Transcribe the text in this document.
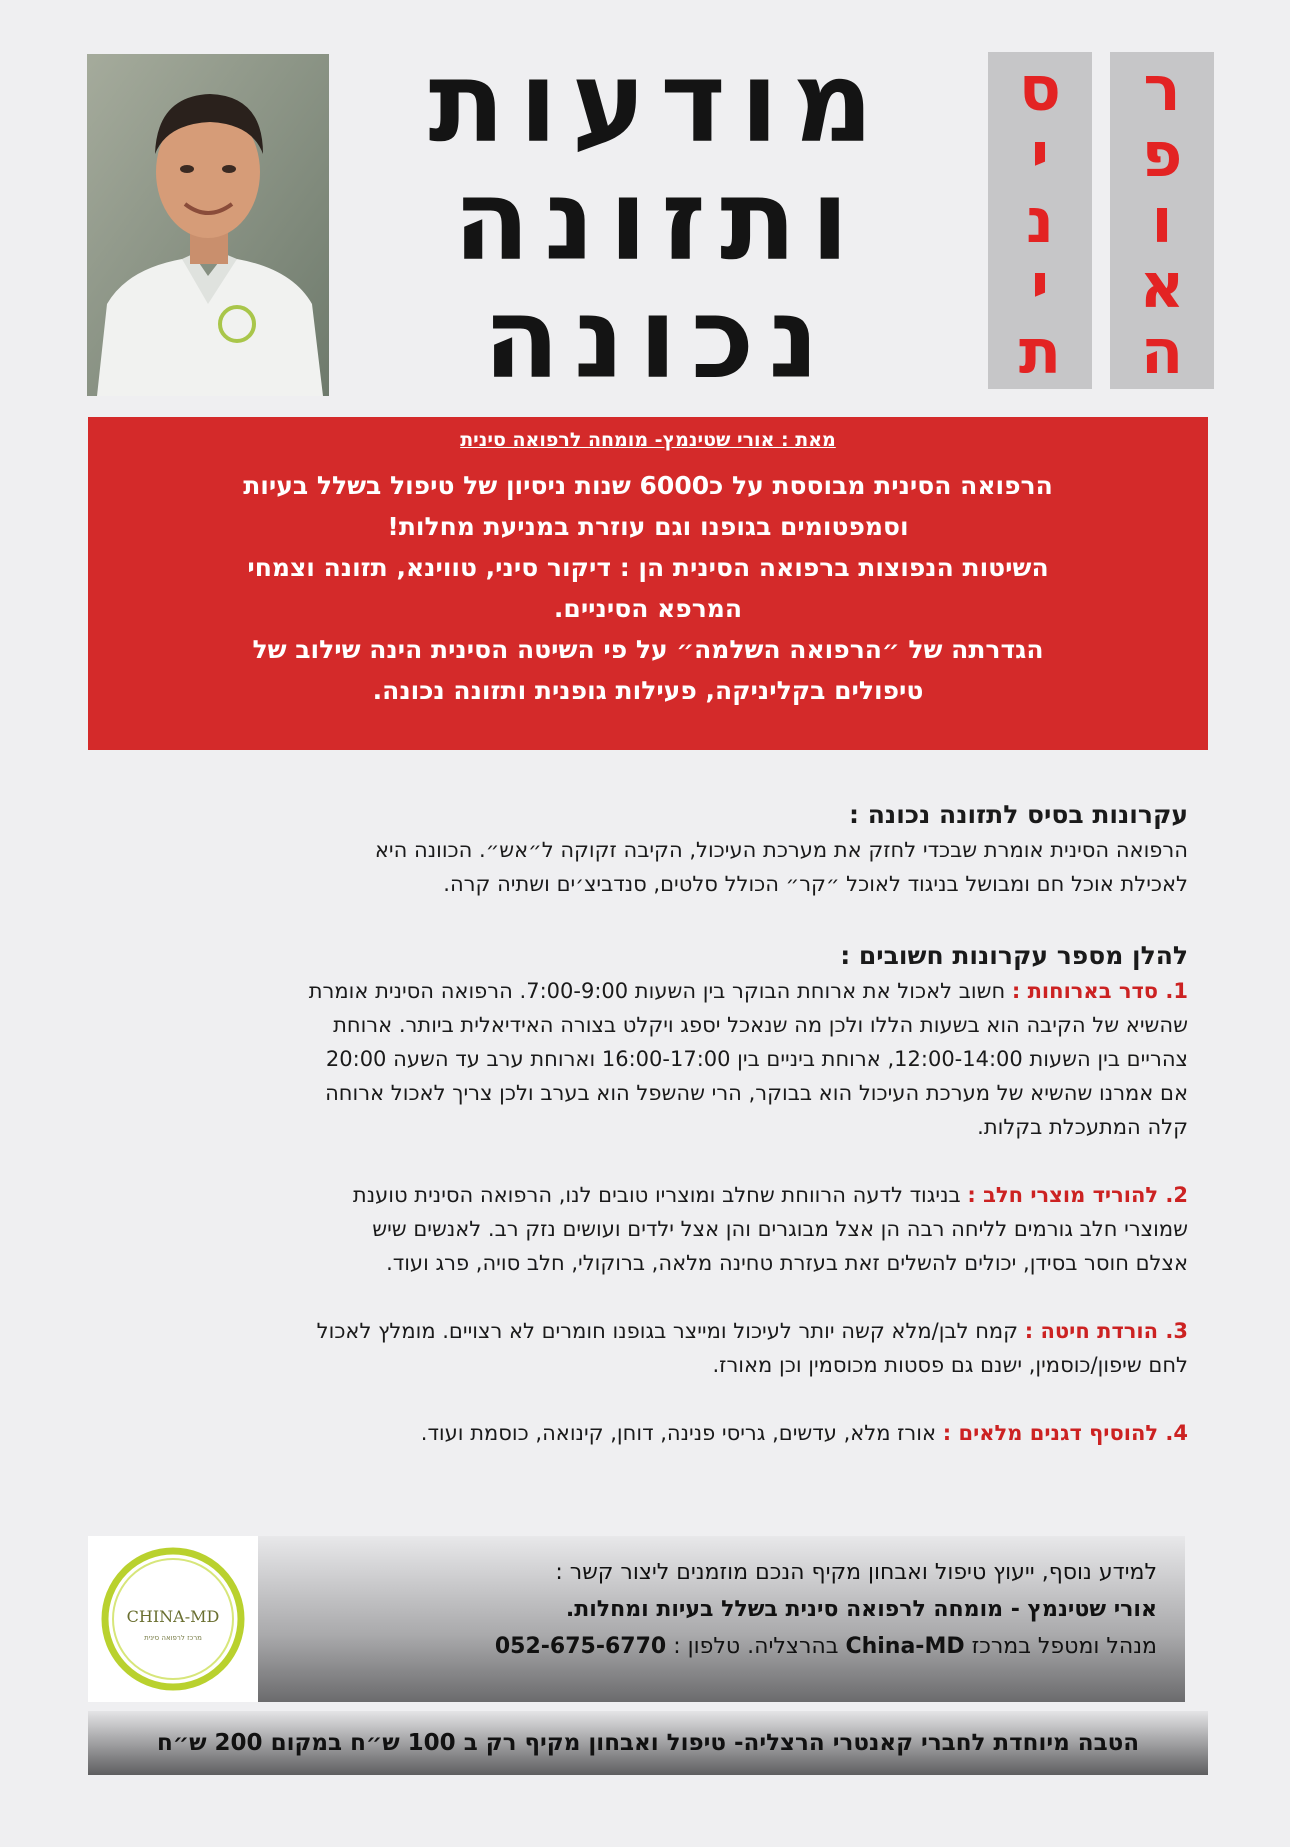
ר
פ
ו
א
ה
ס
י
נ
י
ת
מודעות
ותזונה
נכונה
מאת : אורי שטינמץ- מומחה לרפואה סינית
הרפואה הסינית מבוססת על כ6000 שנות ניסיון של טיפול בשלל בעיות
וסמפטומים בגופנו וגם עוזרת במניעת מחלות!
השיטות הנפוצות ברפואה הסינית הן : דיקור סיני, טווינא, תזונה וצמחי
המרפא הסיניים.
הגדרתה של ״הרפואה השלמה״ על פי השיטה הסינית הינה שילוב של
טיפולים בקליניקה, פעילות גופנית ותזונה נכונה.
עקרונות בסיס לתזונה נכונה :
הרפואה הסינית אומרת שבכדי לחזק את מערכת העיכול, הקיבה זקוקה ל״אש״. הכוונה היא
לאכילת אוכל חם ומבושל בניגוד לאוכל ״קר״ הכולל סלטים, סנדביצ׳ים ושתיה קרה.
להלן מספר עקרונות חשובים :
1. סדר בארוחות : חשוב לאכול את ארוחת הבוקר בין השעות 7:00-9:00. הרפואה הסינית אומרת
שהשיא של הקיבה הוא בשעות הללו ולכן מה שנאכל יספג ויקלט בצורה האידיאלית ביותר. ארוחת
צהריים בין השעות 12:00-14:00, ארוחת ביניים בין 16:00-17:00 וארוחת ערב עד השעה 20:00
אם אמרנו שהשיא של מערכת העיכול הוא בבוקר, הרי שהשפל הוא בערב ולכן צריך לאכול ארוחה
קלה המתעכלת בקלות.
2. להוריד מוצרי חלב : בניגוד לדעה הרווחת שחלב ומוצריו טובים לנו, הרפואה הסינית טוענת
שמוצרי חלב גורמים לליחה רבה הן אצל מבוגרים והן אצל ילדים ועושים נזק רב. לאנשים שיש
אצלם חוסר בסידן, יכולים להשלים זאת בעזרת טחינה מלאה, ברוקולי, חלב סויה, פרג ועוד.
3. הורדת חיטה : קמח לבן/מלא קשה יותר לעיכול ומייצר בגופנו חומרים לא רצויים. מומלץ לאכול
לחם שיפון/כוסמין, ישנם גם פסטות מכוסמין וכן מאורז.
4. להוסיף דגנים מלאים : אורז מלא, עדשים, גריסי פנינה, דוחן, קינואה, כוסמת ועוד.
CHINA-MD
מרכז לרפואה סינית
למידע נוסף, ייעוץ טיפול ואבחון מקיף הנכם מוזמנים ליצור קשר :
אורי שטינמץ - מומחה לרפואה סינית בשלל בעיות ומחלות.
מנהל ומטפל במרכז China-MD בהרצליה. טלפון : 052-675-6770
הטבה מיוחדת לחברי קאנטרי הרצליה- טיפול ואבחון מקיף רק ב 100 ש״ח במקום 200 ש״ח
